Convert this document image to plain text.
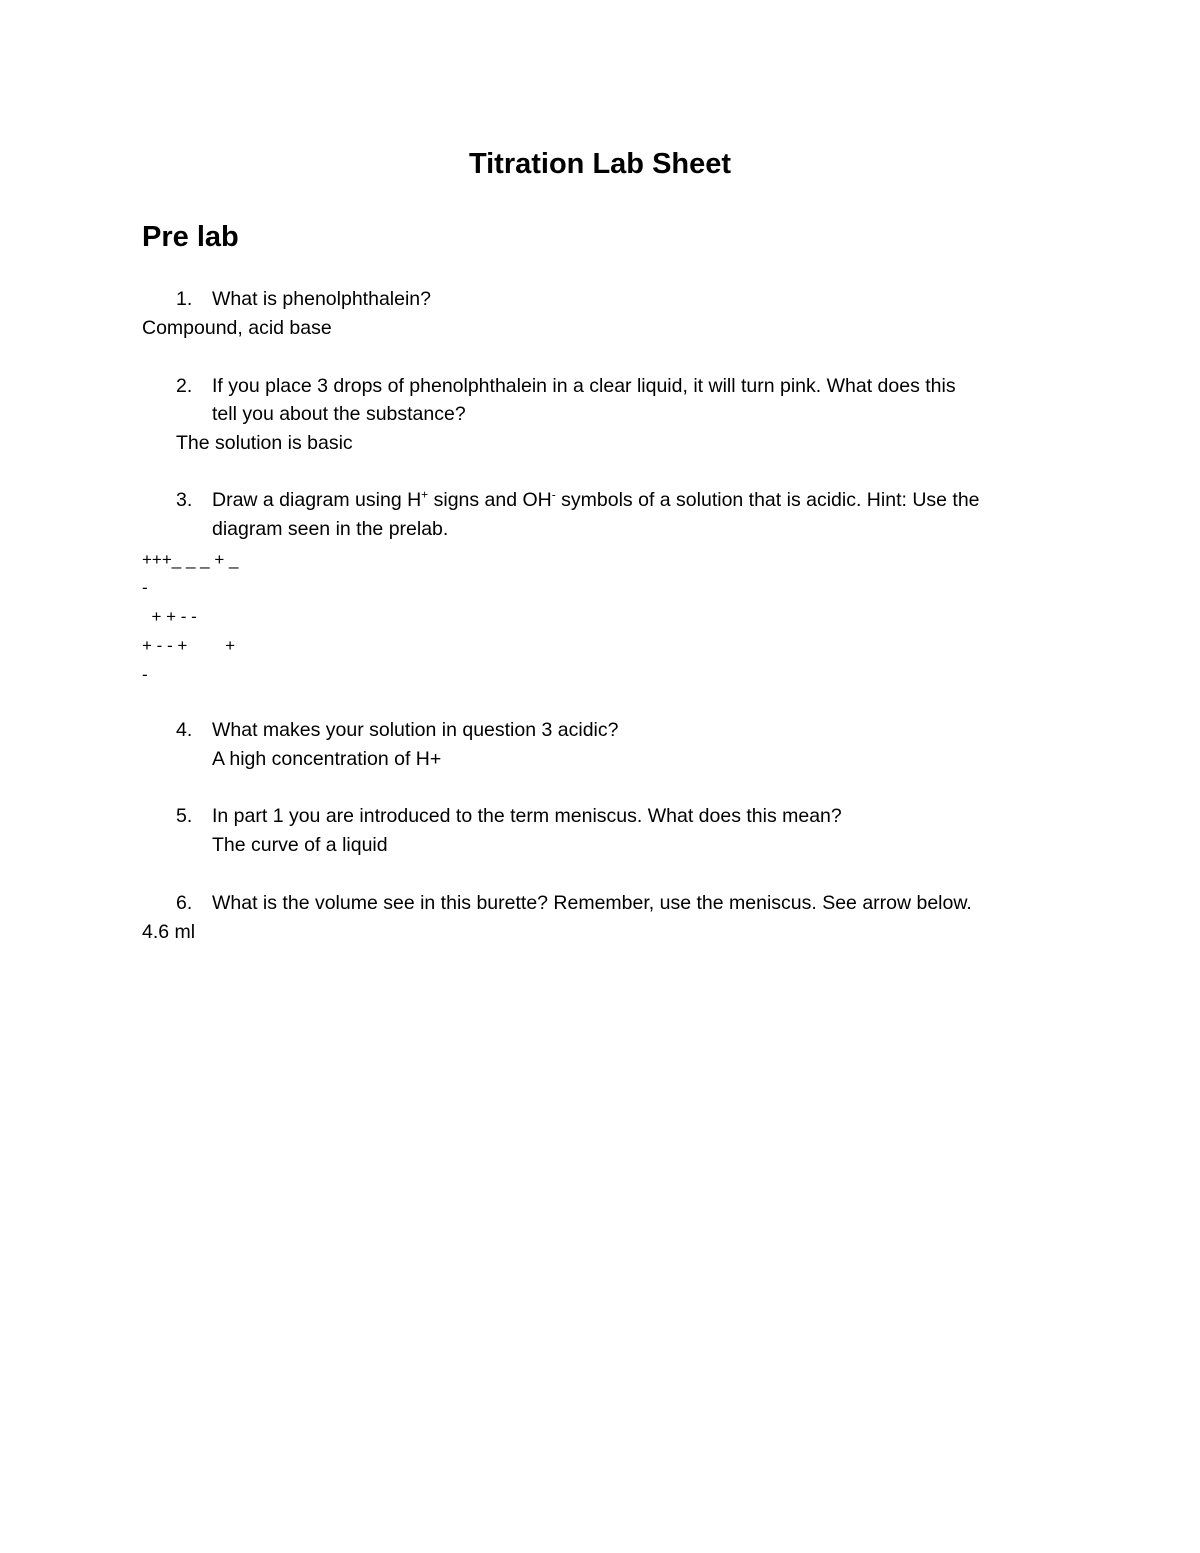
Titration Lab Sheet
Pre lab
1. What is phenolphthalein?
Compound, acid base
2. If you place 3 drops of phenolphthalein in a clear liquid, it will turn pink. What does this
tell you about the substance?
The solution is basic
3. Draw a diagram using H+ signs and OH- symbols of a solution that is acidic. Hint: Use the
diagram seen in the prelab.
+++_ _ _ + _
-
+ + - -
+ - - +        +
-
4. What makes your solution in question 3 acidic?
A high concentration of H+
5. In part 1 you are introduced to the term meniscus. What does this mean?
The curve of a liquid
6. What is the volume see in this burette? Remember, use the meniscus. See arrow below.
4.6 ml
